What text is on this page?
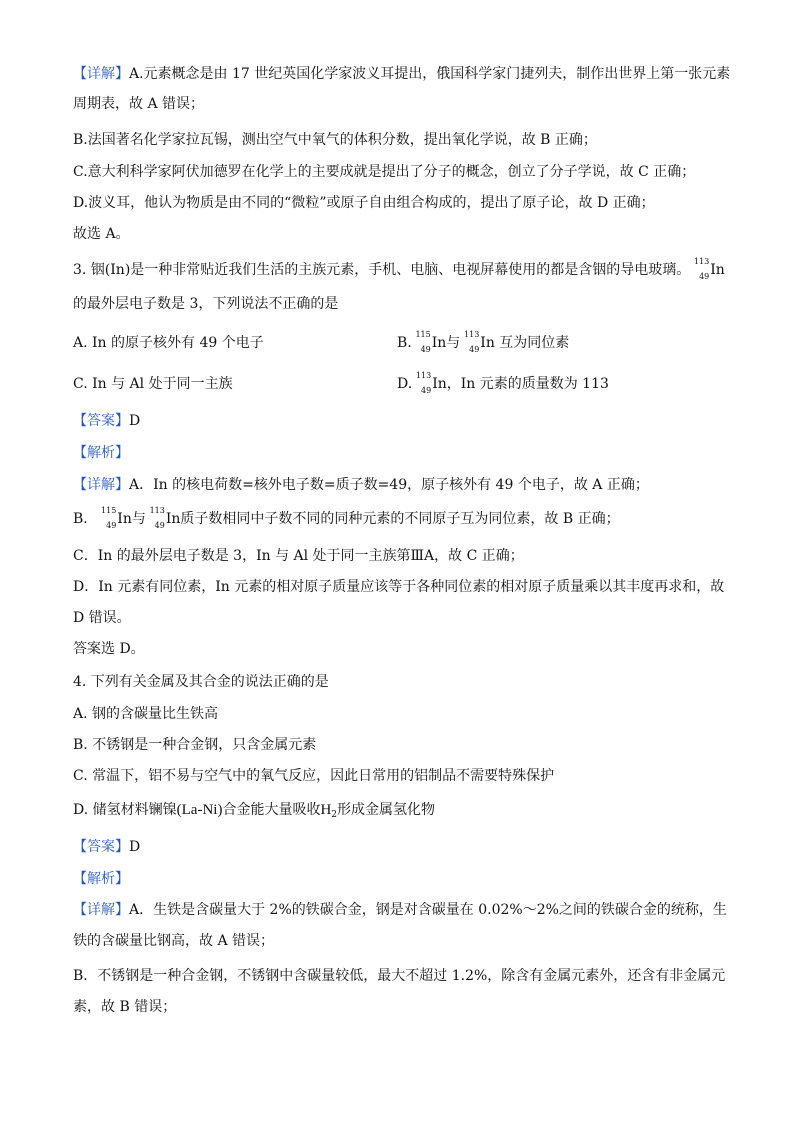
【详解】A.元素概念是由 17 世纪英国化学家波义耳提出，俄国科学家门捷列夫，制作出世界上第一张元素
周期表，故 A 错误；
B.法国著名化学家拉瓦锡，测出空气中氧气的体积分数，提出氧化学说，故 B 正确；
C.意大利科学家阿伏加德罗在化学上的主要成就是提出了分子的概念，创立了分子学说，故 C 正确；
D.波义耳，他认为物质是由不同的“微粒”或原子自由组合构成的，提出了原子论，故 D 正确；
故选 A。
3. 铟(In)是一种非常贴近我们生活的主族元素，手机、电脑、电视屏幕使用的都是含铟的导电玻璃。
113
49 In
的最外层电子数是 3，下列说法不正确的是
A. In 的原子核外有 49 个电子	B.
115
49 In与
113
49 In 互为同位素
C. In 与 Al 处于同一主族	D.
113
49 In，In 元素的质量数为 113
【答案】D
【解析】
【详解】A．In 的核电荷数=核外电子数=质子数=49，原子核外有 49 个电子，故 A 正确；
B．
115
49 In与
113
49 In质子数相同中子数不同的同种元素的不同原子互为同位素，故 B 正确；
C．In 的最外层电子数是 3，In 与 Al 处于同一主族第ⅢA，故 C 正确；
D．In 元素有同位素，In 元素的相对原子质量应该等于各种同位素的相对原子质量乘以其丰度再求和，故
D 错误。
答案选 D。
4. 下列有关金属及其合金的说法正确的是
A. 钢的含碳量比生铁高
B. 不锈钢是一种合金钢，只含金属元素
C. 常温下，铝不易与空气中的氧气反应，因此日常用的铝制品不需要特殊保护
D. 储氢材料镧镍(La-Ni)合金能大量吸收$H_2$形成金属氢化物
【答案】D
【解析】
【详解】A．生铁是含碳量大于 2%的铁碳合金，钢是对含碳量在 0.02%～2%之间的铁碳合金的统称，生
铁的含碳量比钢高，故 A 错误；
B．不锈钢是一种合金钢，不锈钢中含碳量较低，最大不超过 1.2%，除含有金属元素外，还含有非金属元
素，故 B 错误；
